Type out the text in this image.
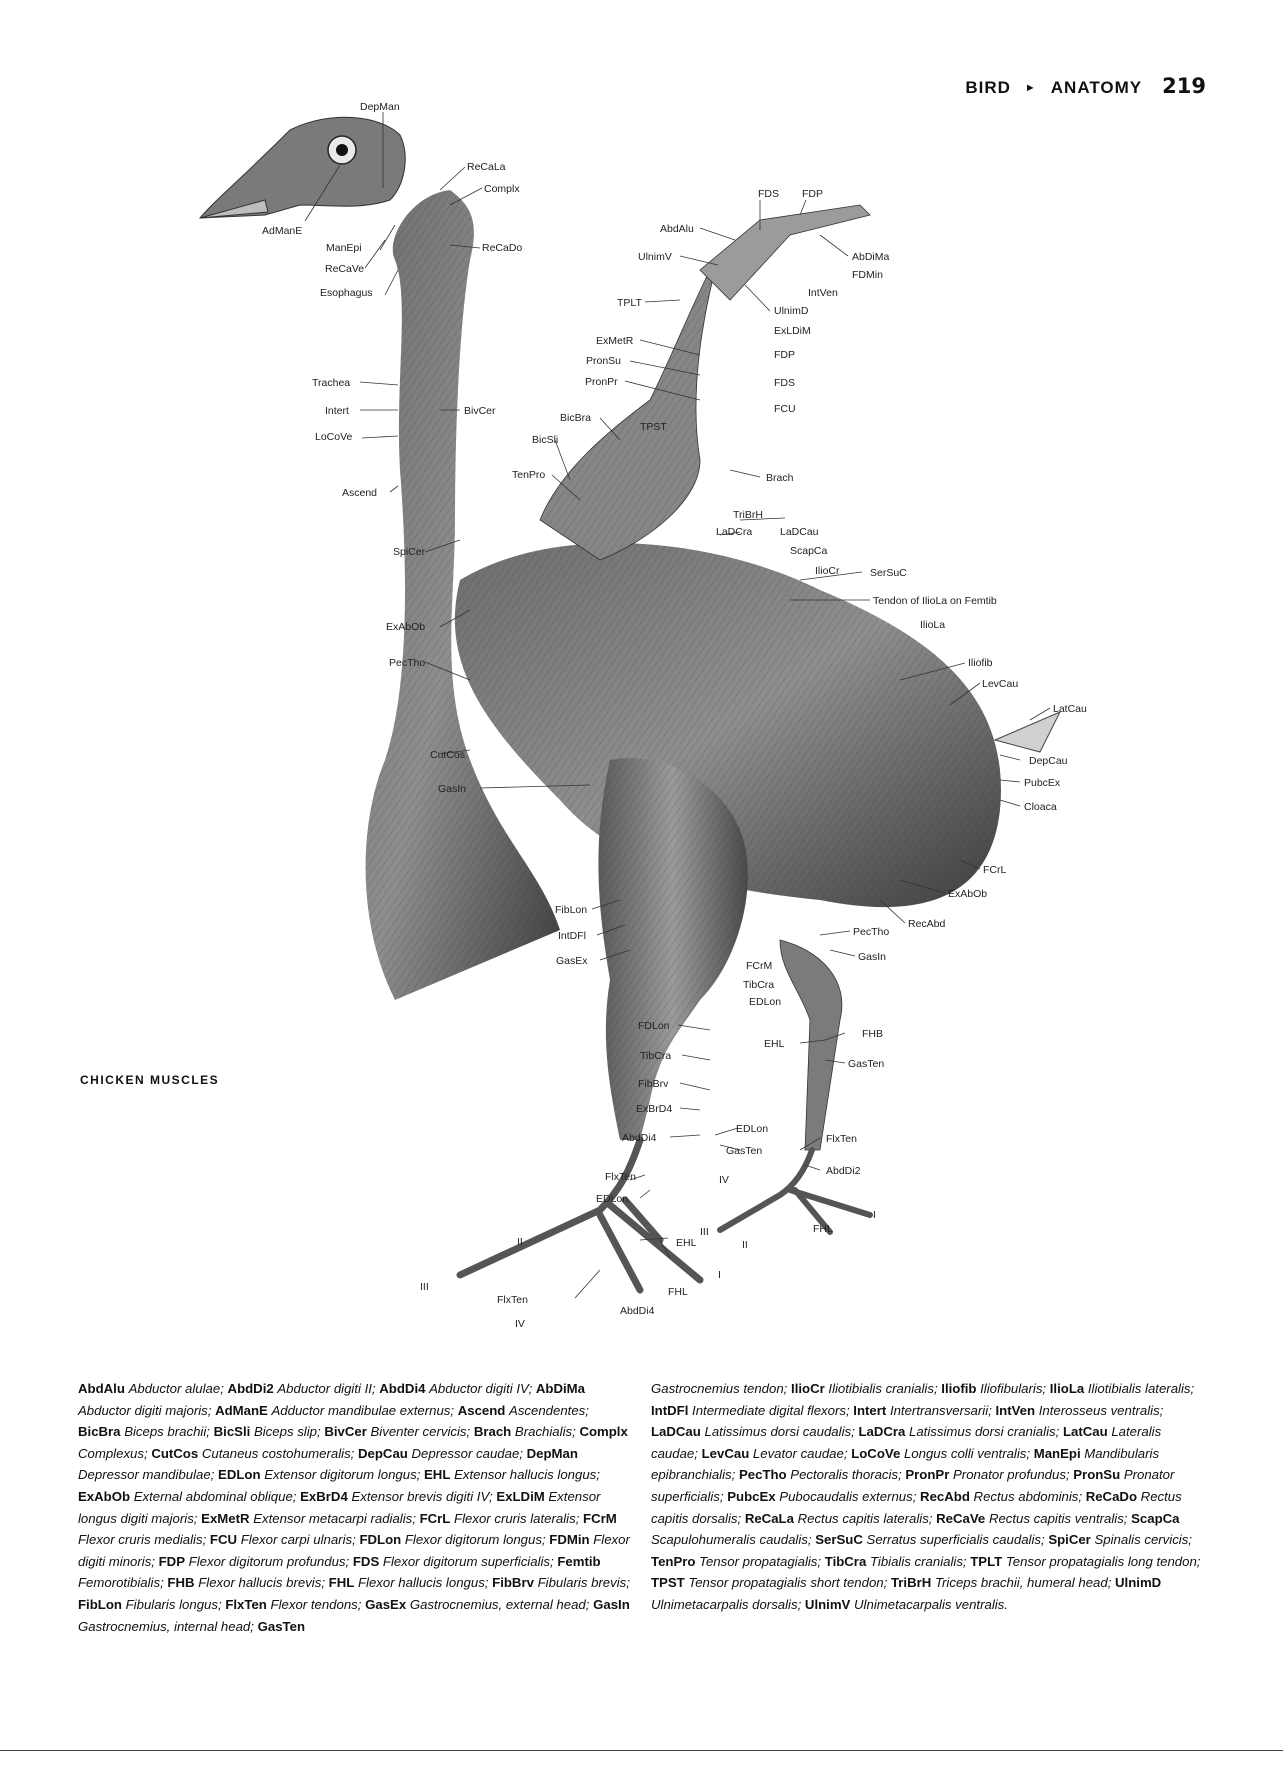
BIRD ► ANATOMY 219
CHICKEN MUSCLES
DepMan
ReCaLa
Complx
AdManE
ManEpi	ReCaDo
ReCaVe
Esophagus
Trachea
Intert	BivCer
LoCoVe
Ascend
SpiCer
ExAbOb
PecTho
CutCos
GasIn
FDS FDP
AbdAlu
UlnimV	AbDiMa
FDMin
IntVen
TPLT
UlnimD
ExLDiM
ExMetR
FDP
PronSu
PronPr	FDS
FCU
BicBra
TPST
BicSli
TenPro	Brach
TriBrH
LaDCra	LaDCau
ScapCa
IlioCr	SerSuC
Tendon of IlioLa on Femtib
IlioLa
Iliofib
LevCau
LatCau
DepCau
PubcEx
Cloaca
FCrL
ExAbOb
RecAbd
PecTho
GasIn
FibLon
IntDFl
GasEx	FCrM
TibCra
EDLon
FDLon
TibCra
FibBrv
ExBrD4
AbdDi4
EHL
FHB
GasTen
EDLon
GasTen
FlxTen
AbdDi2
FlxTen	IV
EDLon
I
FHL
III
II	EHL	II
I
III
FlxTen
FHL
AbdDi4
IV
AbdAlu Abductor alulae; AbdDi2 Abductor digiti II; AbdDi4 Abductor digiti IV; AbDiMa Abductor digiti majoris; AdManE Adductor mandibulae externus; Ascend Ascendentes; BicBra Biceps brachii; BicSli Biceps slip; BivCer Biventer cervicis; Brach Brachialis; Complx Complexus; CutCos Cutaneus costohumeralis; DepCau Depressor caudae; DepMan Depressor mandibulae; EDLon Extensor digitorum longus; EHL Extensor hallucis longus; ExAbOb External abdominal oblique; ExBrD4 Extensor brevis digiti IV; ExLDiM Extensor longus digiti majoris; ExMetR Extensor metacarpi radialis; FCrL Flexor cruris lateralis; FCrM Flexor cruris medialis; FCU Flexor carpi ulnaris; FDLon Flexor digitorum longus; FDMin Flexor digiti minoris; FDP Flexor digitorum profundus; FDS Flexor digitorum superficialis; Femtib Femorotibialis; FHB Flexor hallucis brevis; FHL Flexor hallucis longus; FibBrv Fibularis brevis; FibLon Fibularis longus; FlxTen Flexor tendons; GasEx Gastrocnemius, external head; GasIn Gastrocnemius, internal head; GasTen
Gastrocnemius tendon; IlioCr Iliotibialis cranialis; Iliofib Iliofibularis; IlioLa Iliotibialis lateralis; IntDFl Intermediate digital flexors; Intert Intertransversarii; IntVen Interosseus ventralis; LaDCau Latissimus dorsi caudalis; LaDCra Latissimus dorsi cranialis; LatCau Lateralis caudae; LevCau Levator caudae; LoCoVe Longus colli ventralis; ManEpi Mandibularis epibranchialis; PecTho Pectoralis thoracis; PronPr Pronator profundus; PronSu Pronator superficialis; PubcEx Pubocaudalis externus; RecAbd Rectus abdominis; ReCaDo Rectus capitis dorsalis; ReCaLa Rectus capitis lateralis; ReCaVe Rectus capitis ventralis; ScapCa Scapulohumeralis caudalis; SerSuC Serratus superficialis caudalis; SpiCer Spinalis cervicis; TenPro Tensor propatagialis; TibCra Tibialis cranialis; TPLT Tensor propatagialis long tendon; TPST Tensor propatagialis short tendon; TriBrH Triceps brachii, humeral head; UlnimD Ulnimetacarpalis dorsalis; UlnimV Ulnimetacarpalis ventralis.
